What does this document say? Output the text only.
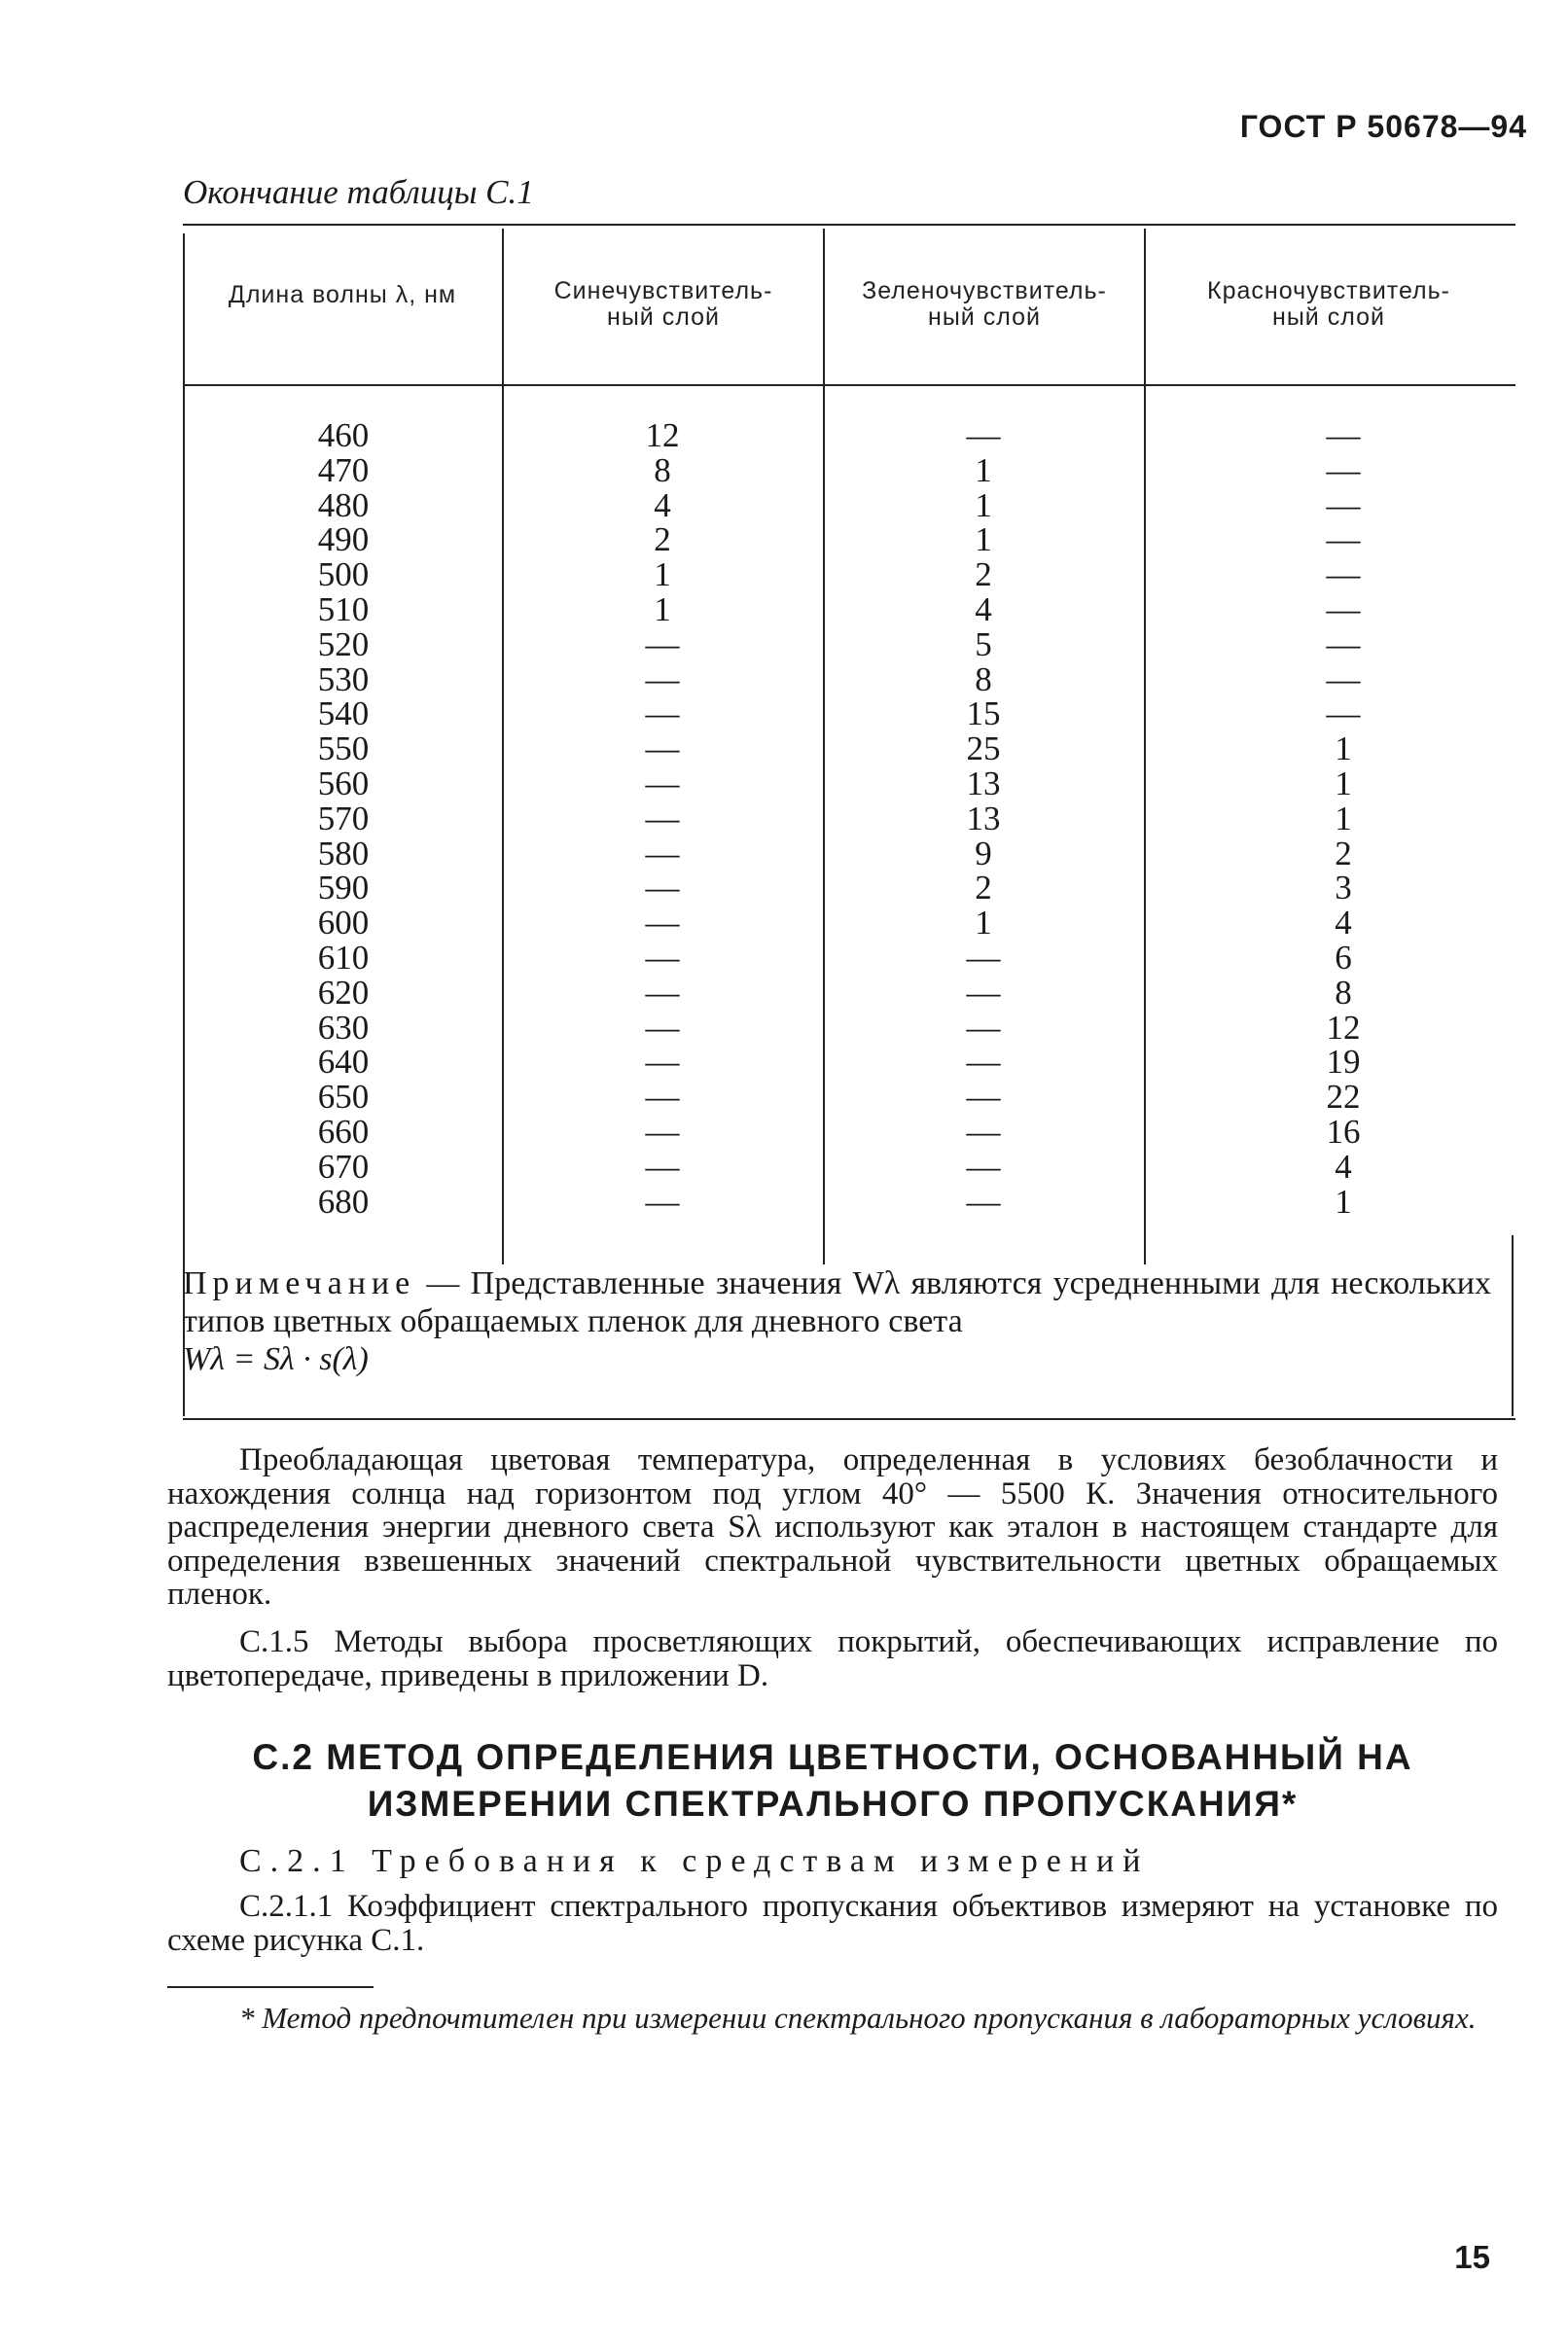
ГОСТ Р 50678—94
Окончание таблицы С.1
Длина волны λ, нм	Синечувствитель-
ный слой
Зеленочувствитель-
ный слой
Красночувствитель-
ный слой
460
470
480
490
500
510
520
530
540
550
560
570
580
590
600
610
620
630
640
650
660
670
680
12
8
4
2
1
1
—
—
—
—
—
—
—
—
—
—
—
—
—
—
—
—
—
—
1
1
1
2
4
5
8
15
25
13
13
9
2
1
—
—
—
—
—
—
—
—
—
—
—
—
—
—
—
—
—
1
1
1
2
3
4
6
8
12
19
22
16
4
1
Примечание — Представленные значения Wλ являются усредненными для нескольких типов цветных обращаемых пленок для дневного света
Wλ = Sλ · s(λ)
Преобладающая цветовая температура, определенная в условиях безоблачности и нахождения солнца над горизонтом под углом 40° — 5500 К. Значения относительного распределения энергии дневного света Sλ используют как эталон в настоящем стандарте для определения взвешенных значений спектральной чувствительности цветных обращаемых пленок.
С.1.5 Методы выбора просветляющих покрытий, обеспечивающих исправление по цветопередаче, приведены в приложении D.
С.2 МЕТОД ОПРЕДЕЛЕНИЯ ЦВЕТНОСТИ, ОСНОВАННЫЙ НА
ИЗМЕРЕНИИ СПЕКТРАЛЬНОГО ПРОПУСКАНИЯ*
С.2.1 Требования к средствам измерений
С.2.1.1 Коэффициент спектрального пропускания объективов измеряют на установке по схеме рисунка С.1.
* Метод предпочтителен при измерении спектрального пропускания в лабораторных условиях.
15
